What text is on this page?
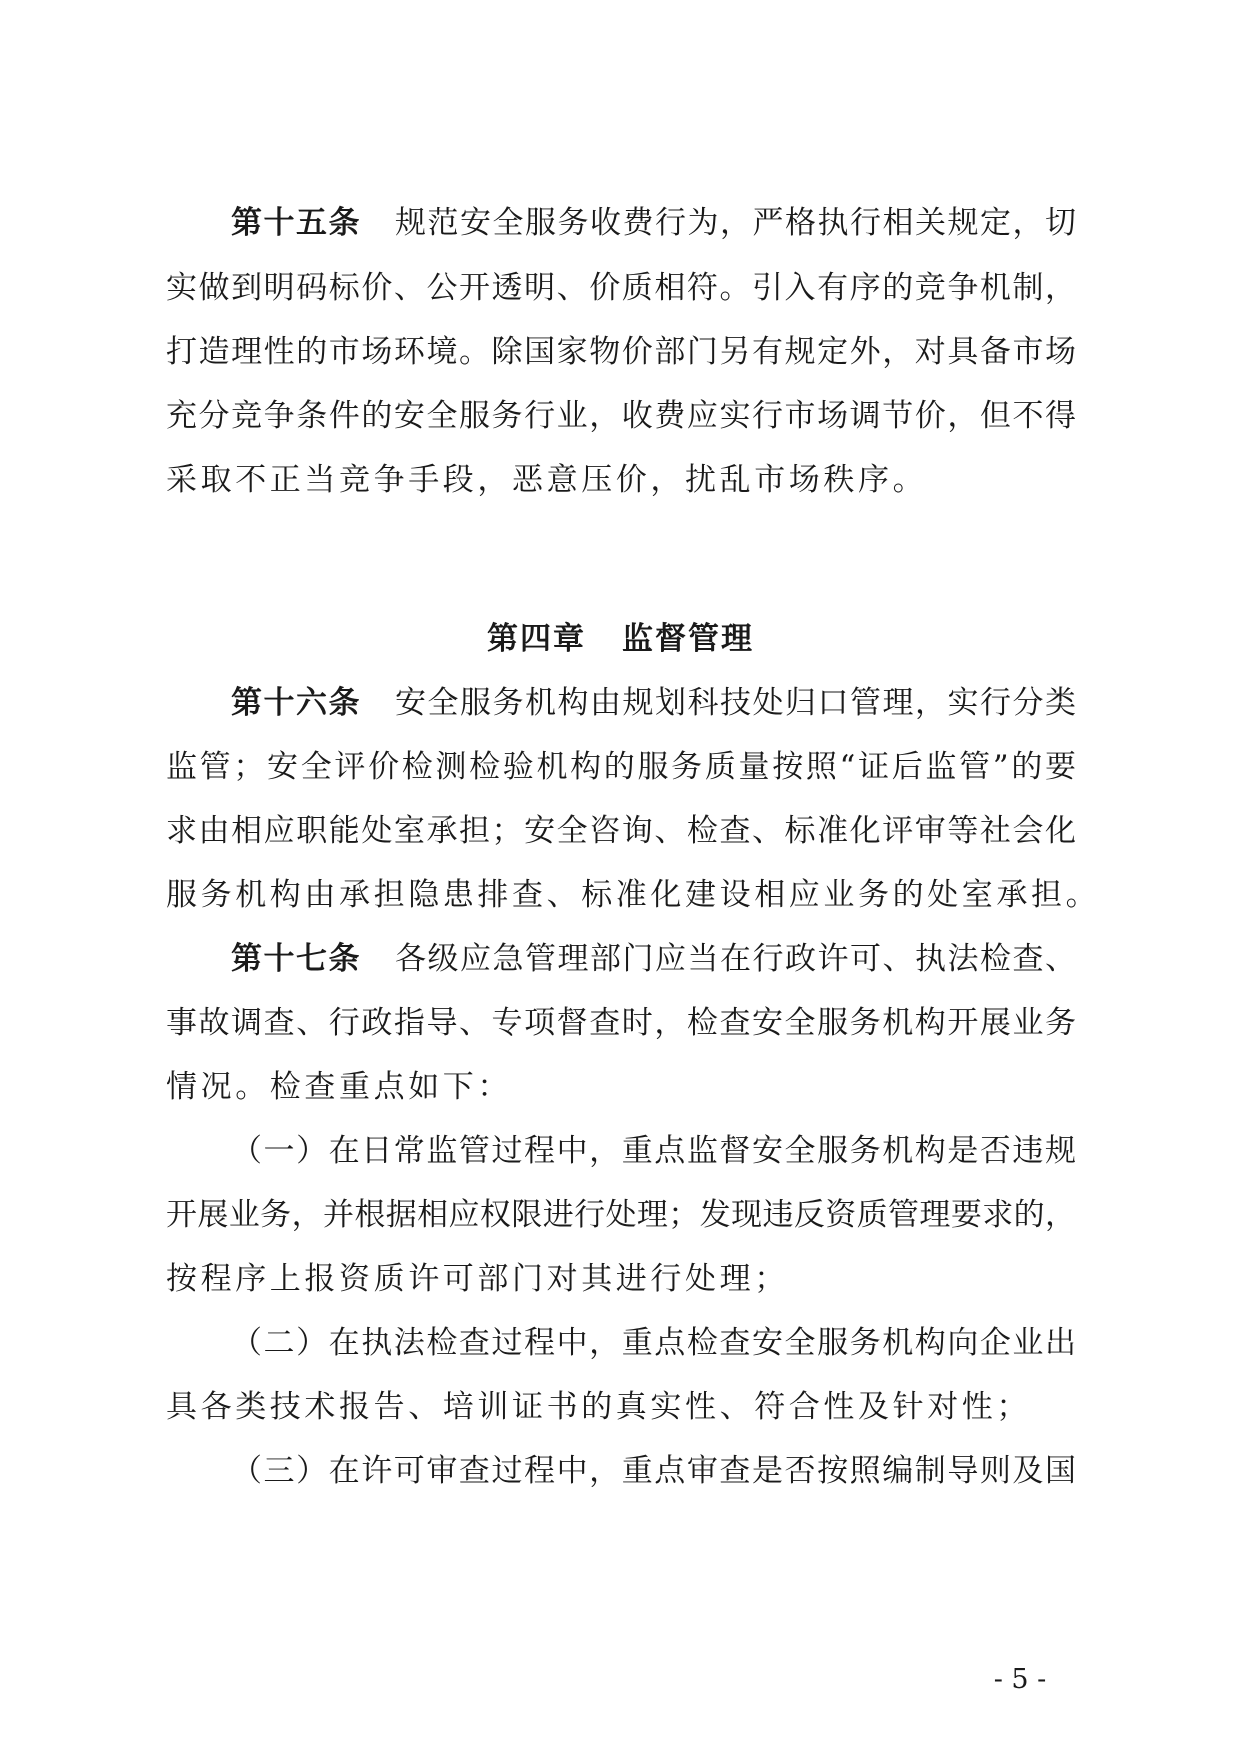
第十五条 规范安全服务收费行为，严格执行相关规定，切
实做到明码标价、公开透明、价质相符。引入有序的竞争机制，
打造理性的市场环境。除国家物价部门另有规定外，对具备市场
充分竞争条件的安全服务行业，收费应实行市场调节价，但不得
采取不正当竞争手段，恶意压价，扰乱市场秩序。
第四章 监督管理
第十六条 安全服务机构由规划科技处归口管理，实行分类
监管；安全评价检测检验机构的服务质量按照“证后监管”的要
求由相应职能处室承担；安全咨询、检查、标准化评审等社会化
服务机构由承担隐患排查、标准化建设相应业务的处室承担。
第十七条 各级应急管理部门应当在行政许可、执法检查、
事故调查、行政指导、专项督查时，检查安全服务机构开展业务
情况。检查重点如下：
（一）在日常监管过程中，重点监督安全服务机构是否违规
开展业务，并根据相应权限进行处理；发现违反资质管理要求的，
按程序上报资质许可部门对其进行处理；
（二）在执法检查过程中，重点检查安全服务机构向企业出
具各类技术报告、培训证书的真实性、符合性及针对性；
（三）在许可审查过程中，重点审查是否按照编制导则及国
- 5 -
